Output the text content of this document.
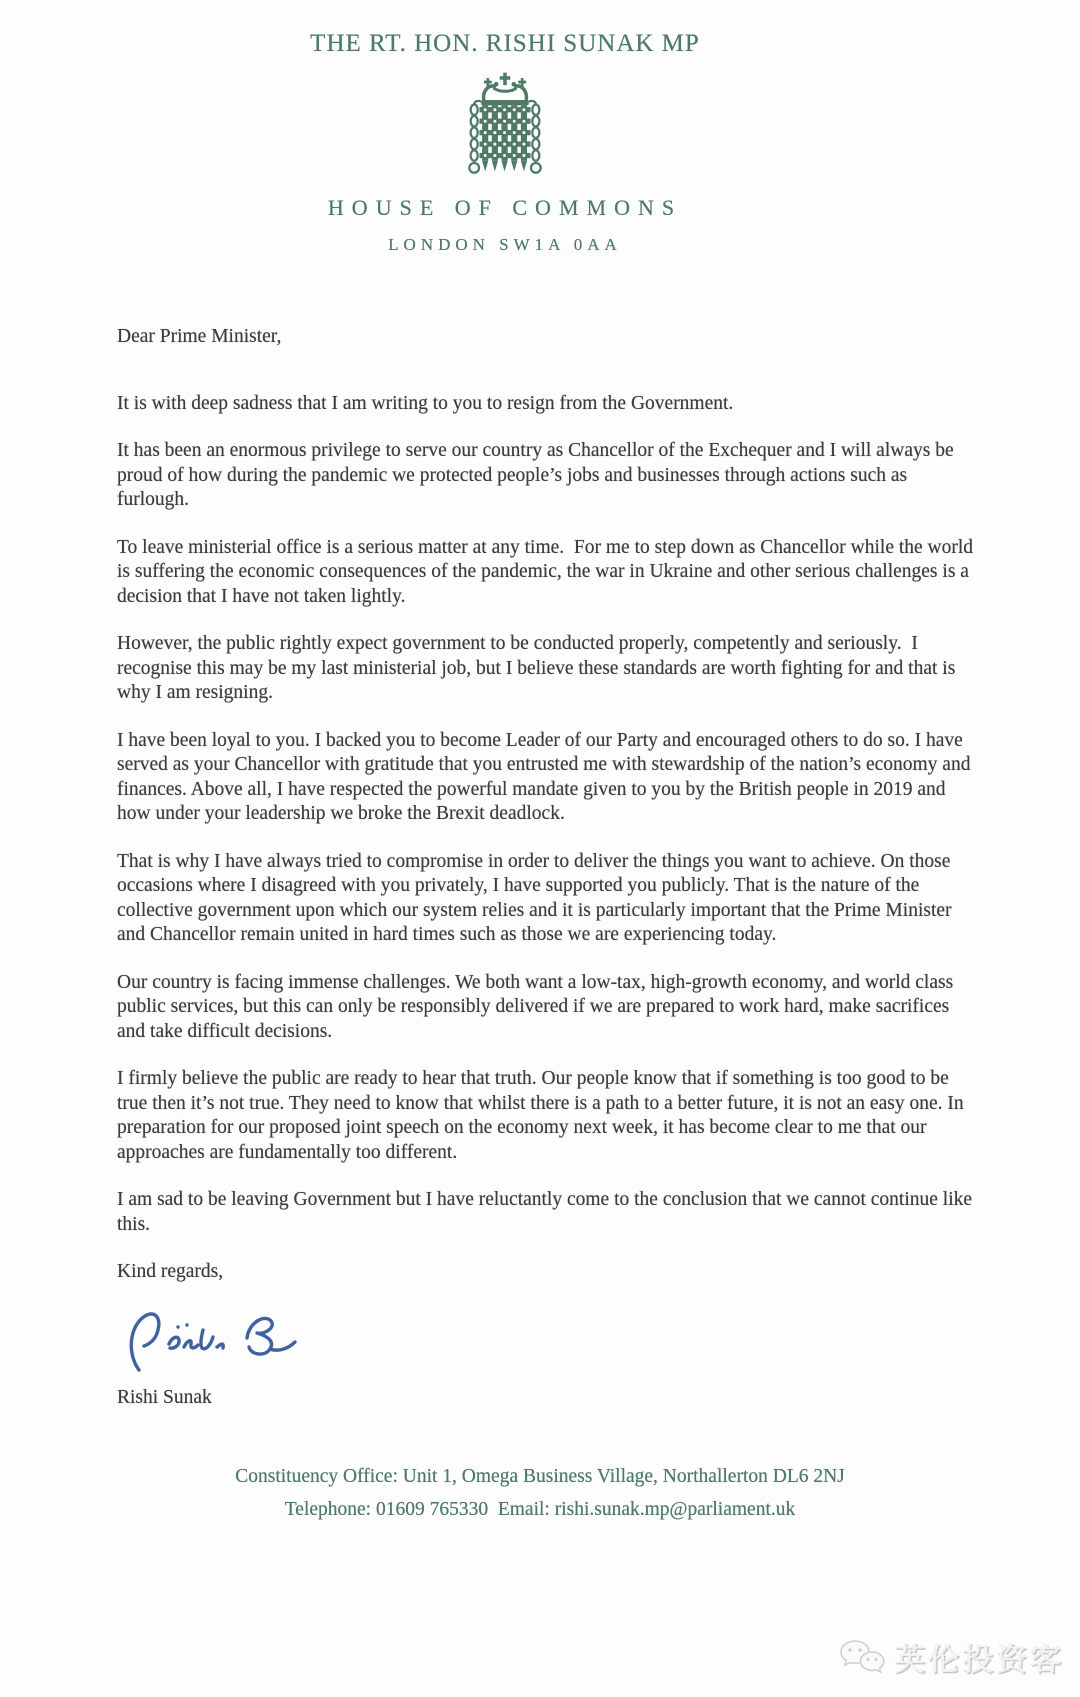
THE RT. HON. RISHI SUNAK MP
HOUSE OF COMMONS
LONDON SW1A 0AA

Dear Prime Minister,

It is with deep sadness that I am writing to you to resign from the Government.

It has been an enormous privilege to serve our country as Chancellor of the Exchequer and I will always be proud of how during the pandemic we protected people’s jobs and businesses through actions such as furlough.

To leave ministerial office is a serious matter at any time.  For me to step down as Chancellor while the world is suffering the economic consequences of the pandemic, the war in Ukraine and other serious challenges is a decision that I have not taken lightly.

However, the public rightly expect government to be conducted properly, competently and seriously.  I recognise this may be my last ministerial job, but I believe these standards are worth fighting for and that is why I am resigning.

I have been loyal to you. I backed you to become Leader of our Party and encouraged others to do so. I have served as your Chancellor with gratitude that you entrusted me with stewardship of the nation’s economy and finances. Above all, I have respected the powerful mandate given to you by the British people in 2019 and how under your leadership we broke the Brexit deadlock.

That is why I have always tried to compromise in order to deliver the things you want to achieve. On those occasions where I disagreed with you privately, I have supported you publicly. That is the nature of the collective government upon which our system relies and it is particularly important that the Prime Minister and Chancellor remain united in hard times such as those we are experiencing today.

Our country is facing immense challenges. We both want a low-tax, high-growth economy, and world class public services, but this can only be responsibly delivered if we are prepared to work hard, make sacrifices and take difficult decisions.

I firmly believe the public are ready to hear that truth. Our people know that if something is too good to be true then it’s not true. They need to know that whilst there is a path to a better future, it is not an easy one. In preparation for our proposed joint speech on the economy next week, it has become clear to me that our approaches are fundamentally too different.

I am sad to be leaving Government but I have reluctantly come to the conclusion that we cannot continue like this.

Kind regards,

Rishi Sunak
Constituency Office: Unit 1, Omega Business Village, Northallerton DL6 2NJ
Telephone: 01609 765330  Email: rishi.sunak.mp@parliament.uk
英伦投资客
